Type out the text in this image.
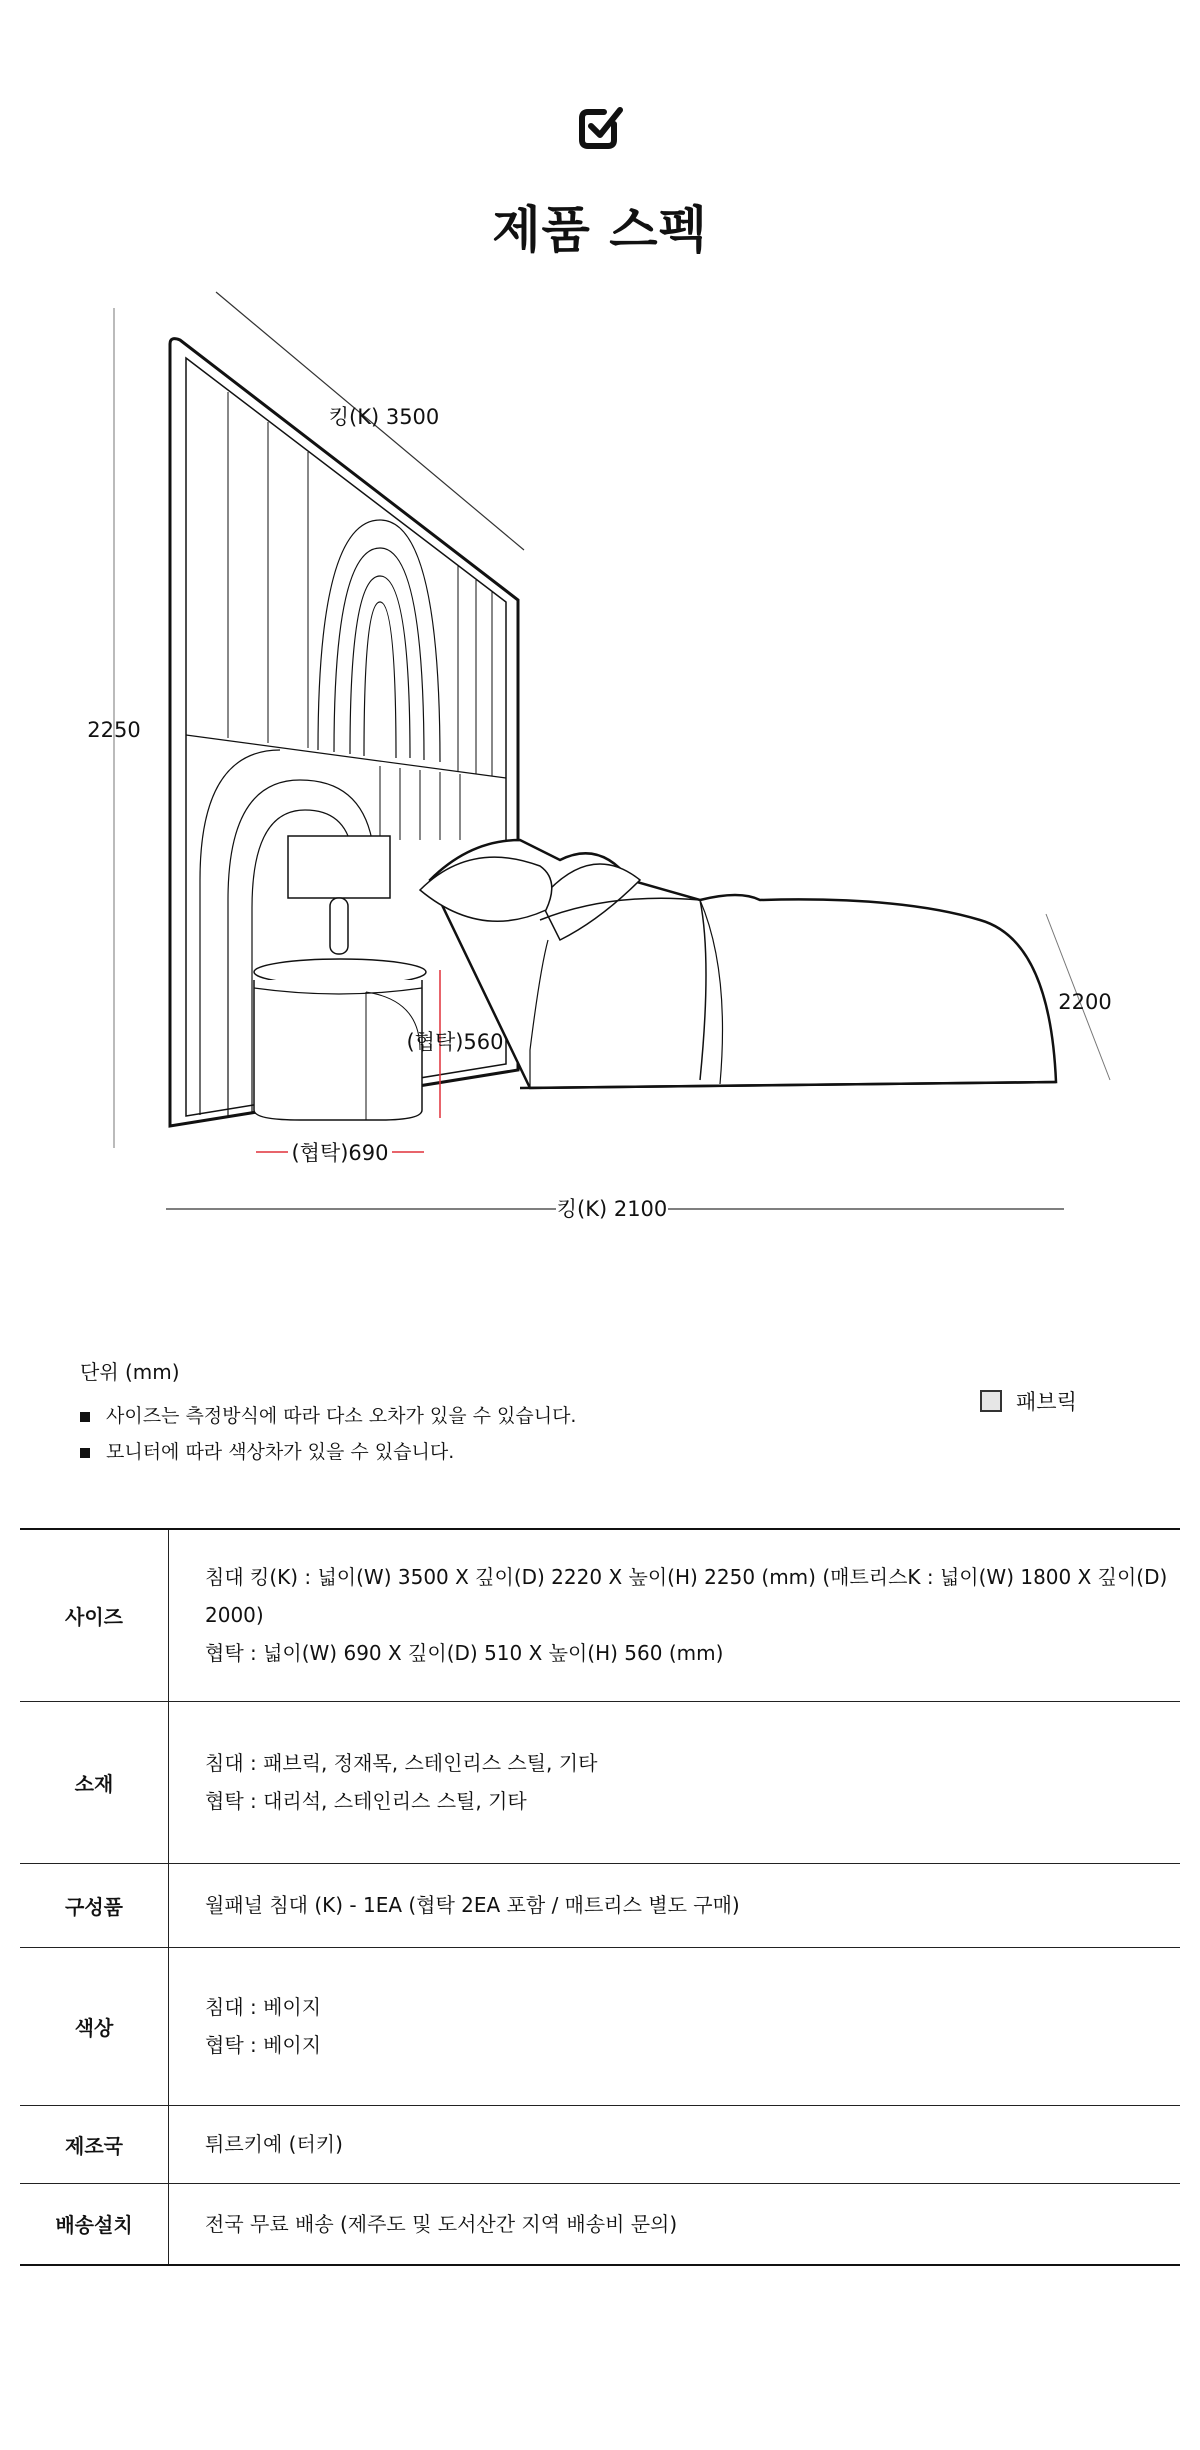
제품 스펙
킹(K) 3500
2250
2200
(협탁)560
(협탁)690
킹(K) 2100
단위 (mm)
사이즈는 측정방식에 따라 다소 오차가 있을 수 있습니다.
모니터에 따라 색상차가 있을 수 있습니다.
패브릭
사이즈	침대 킹(K) : 넓이(W) 3500 X 깊이(D) 2220 X 높이(H) 2250 (mm) (매트리스K : 넓이(W) 1800 X 깊이(D) 2000)
협탁 : 넓이(W) 690 X 깊이(D) 510 X 높이(H) 560 (mm)

소재	침대 : 패브릭, 정재목, 스테인리스 스틸, 기타
협탁 : 대리석, 스테인리스 스틸, 기타

구성품	월패널 침대 (K) - 1EA (협탁 2EA 포함 / 매트리스 별도 구매)

색상	침대 : 베이지
협탁 : 베이지

제조국	튀르키예 (터키)

배송설치	전국 무료 배송 (제주도 및 도서산간 지역 배송비 문의)
